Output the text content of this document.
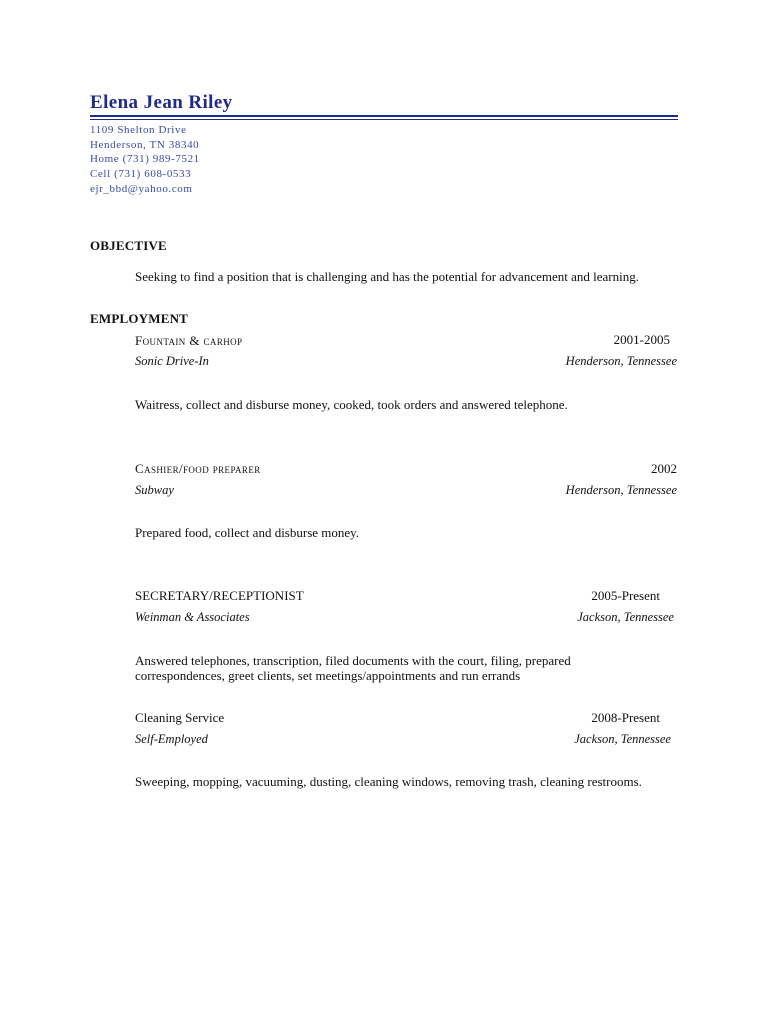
Elena Jean Riley
1109 Shelton Drive
Henderson, TN 38340
Home (731) 989-7521
Cell (731) 608-0533
ejr_bbd@yahoo.com
OBJECTIVE
Seeking to find a position that is challenging and has the potential for advancement and learning.
EMPLOYMENT
Fountain & carhop	2001-2005
Sonic Drive-In	Henderson, Tennessee
Waitress, collect and disburse money, cooked, took orders and answered telephone.
Cashier/food preparer	2002
Subway	Henderson, Tennessee
Prepared food, collect and disburse money.
SECRETARY/RECEPTIONIST	2005-Present
Weinman & Associates	Jackson, Tennessee
Answered telephones, transcription, filed documents with the court, filing, prepared
correspondences, greet clients, set meetings/appointments and run errands
Cleaning Service	2008-Present
Self-Employed	Jackson, Tennessee
Sweeping, mopping, vacuuming, dusting, cleaning windows, removing trash, cleaning restrooms.
